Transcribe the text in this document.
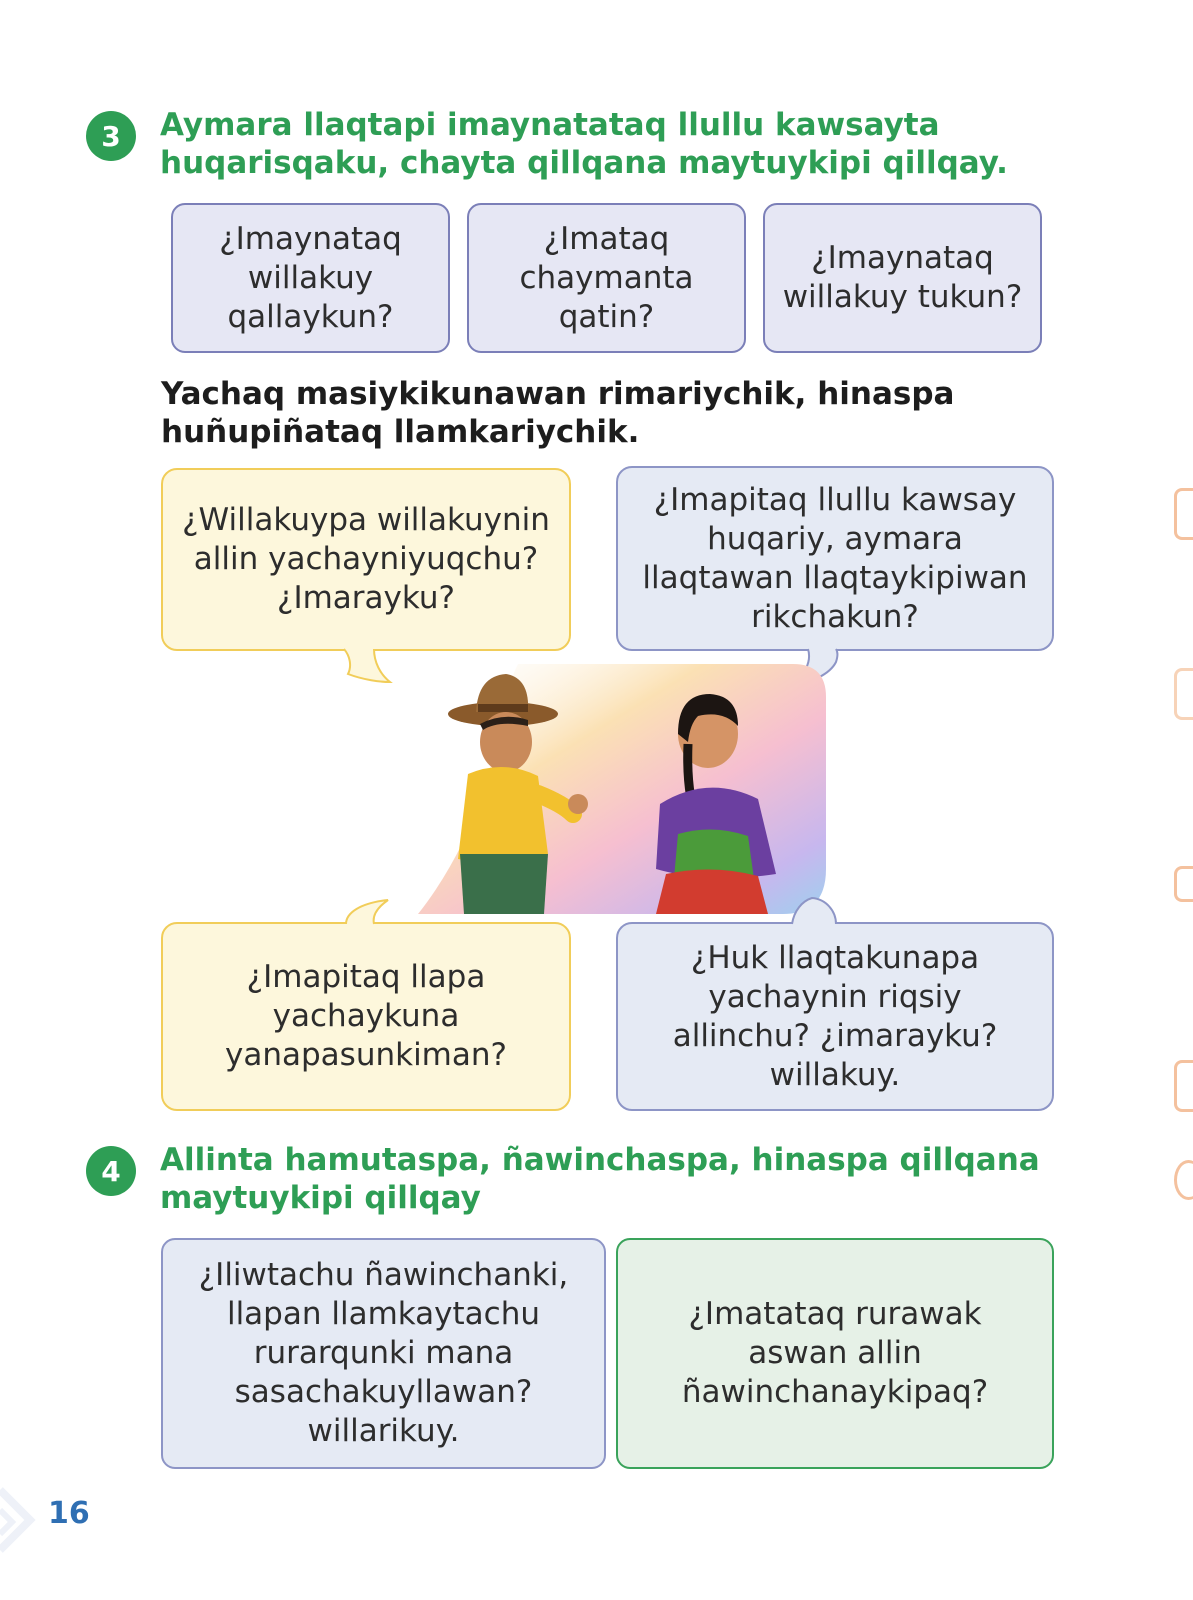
3 Aymara llaqtapi imaynatataq llullu kawsayta
huqarisqaku, chayta qillqana maytuykipi qillqay.

¿Imaynataq
willakuy
qallaykun?
¿Imataq
chaymanta
qatin?
¿Imaynataq
willakuy tukun?

Yachaq masiykikunawan rimariychik, hinaspa
huñupiñataq llamkariychik.

¿Willakuypa willakuynin
allin yachayniyuqchu?
¿Imarayku?
¿Imapitaq llullu kawsay
huqariy, aymara
llaqtawan llaqtaykipiwan
rikchakun?
¿Imapitaq llapa
yachaykuna
yanapasunkiman?
¿Huk llaqtakunapa
yachaynin riqsiy
allinchu? ¿imarayku?
willakuy.
4 Allinta hamutaspa, ñawinchaspa, hinaspa qillqana
maytuykipi qillqay

¿Iliwtachu ñawinchanki,
llapan llamkaytachu
rurarqunki mana
sasachakuyllawan?
willarikuy.
¿Imatataq rurawak
aswan allin
ñawinchanaykipaq?
16
